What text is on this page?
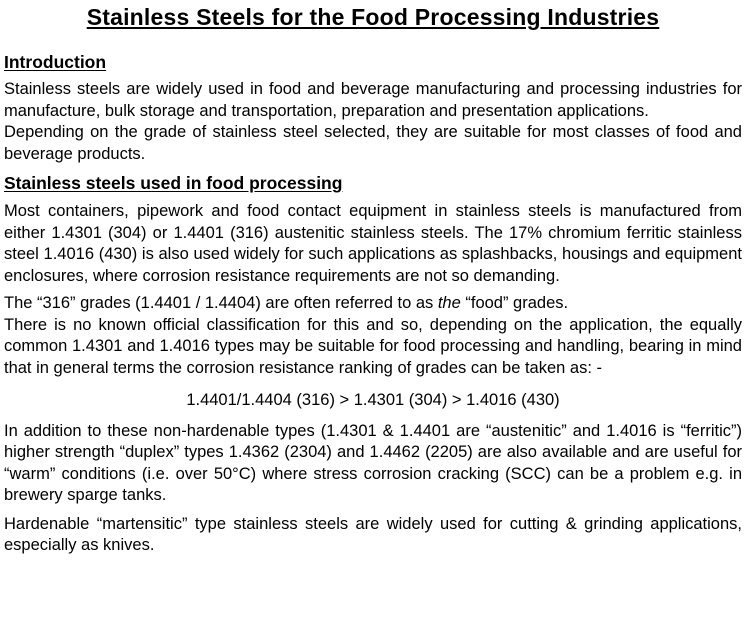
Stainless Steels for the Food Processing Industries
Introduction

Stainless steels are widely used in food and beverage manufacturing and processing industries for manufacture, bulk storage and transportation, preparation and presentation applications.

Depending on the grade of stainless steel selected, they are suitable for most classes of food and beverage products.

Stainless steels used in food processing

Most containers, pipework and food contact equipment in stainless steels is manufactured from either 1.4301 (304) or 1.4401 (316) austenitic stainless steels. The 17% chromium ferritic stainless steel 1.4016 (430) is also used widely for such applications as splashbacks, housings and equipment enclosures, where corrosion resistance requirements are not so demanding.

The “316” grades (1.4401 / 1.4404) are often referred to as the “food” grades.

There is no known official classification for this and so, depending on the application, the equally common 1.4301 and 1.4016 types may be suitable for food processing and handling, bearing in mind that in general terms the corrosion resistance ranking of grades can be taken as: -

1.4401/1.4404 (316) > 1.4301 (304) > 1.4016 (430)

In addition to these non-hardenable types (1.4301 & 1.4401 are “austenitic” and 1.4016 is “ferritic”) higher strength “duplex” types 1.4362 (2304) and 1.4462 (2205) are also available and are useful for “warm” conditions (i.e. over 50°C) where stress corrosion cracking (SCC) can be a problem e.g. in brewery sparge tanks.

Hardenable “martensitic” type stainless steels are widely used for cutting & grinding applications, especially as knives.
